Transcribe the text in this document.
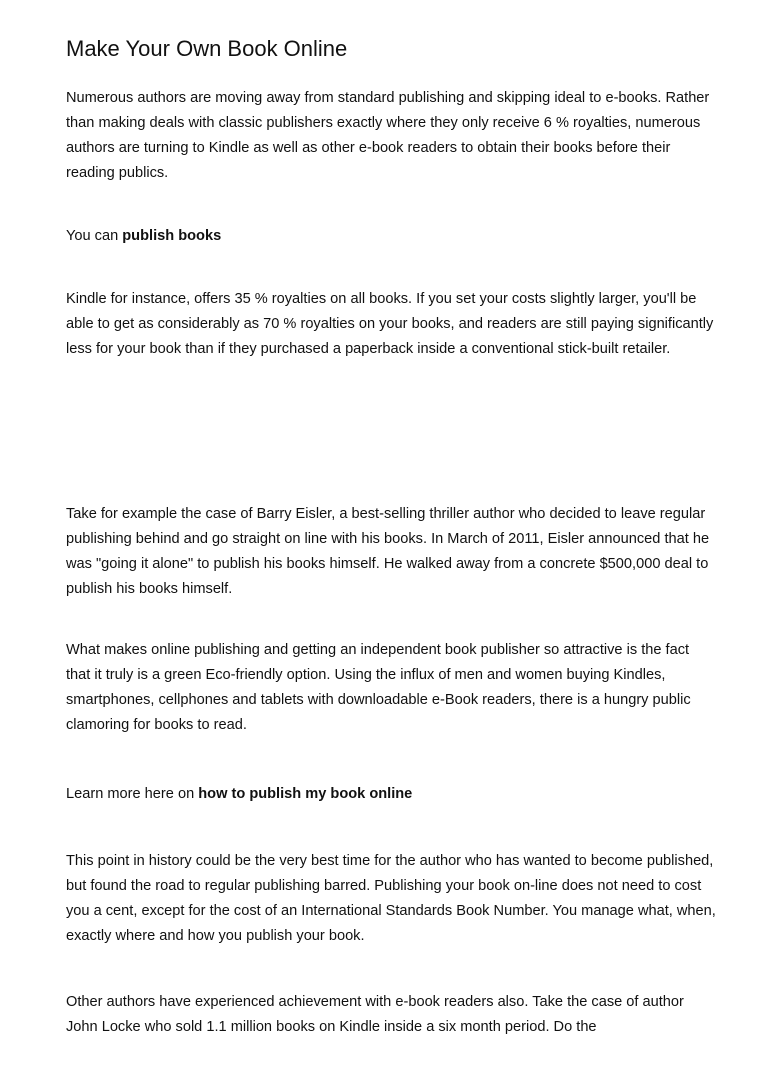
Make Your Own Book Online

Numerous authors are moving away from standard publishing and skipping ideal to e-books. Rather than making deals with classic publishers exactly where they only receive 6 % royalties, numerous authors are turning to Kindle as well as other e-book readers to obtain their books before their reading publics.

You can publish books

Kindle for instance, offers 35 % royalties on all books. If you set your costs slightly larger, you'll be able to get as considerably as 70 % royalties on your books, and readers are still paying significantly less for your book than if they purchased a paperback inside a conventional stick-built retailer.

Take for example the case of Barry Eisler, a best-selling thriller author who decided to leave regular publishing behind and go straight on line with his books. In March of 2011, Eisler announced that he was "going it alone" to publish his books himself. He walked away from a concrete $500,000 deal to publish his books himself.

What makes online publishing and getting an independent book publisher so attractive is the fact that it truly is a green Eco-friendly option. Using the influx of men and women buying Kindles, smartphones, cellphones and tablets with downloadable e-Book readers, there is a hungry public clamoring for books to read.

Learn more here on how to publish my book online

This point in history could be the very best time for the author who has wanted to become published, but found the road to regular publishing barred. Publishing your book on-line does not need to cost you a cent, except for the cost of an International Standards Book Number. You manage what, when, exactly where and how you publish your book.

Other authors have experienced achievement with e-book readers also. Take the case of author John Locke who sold 1.1 million books on Kindle inside a six month period. Do the
